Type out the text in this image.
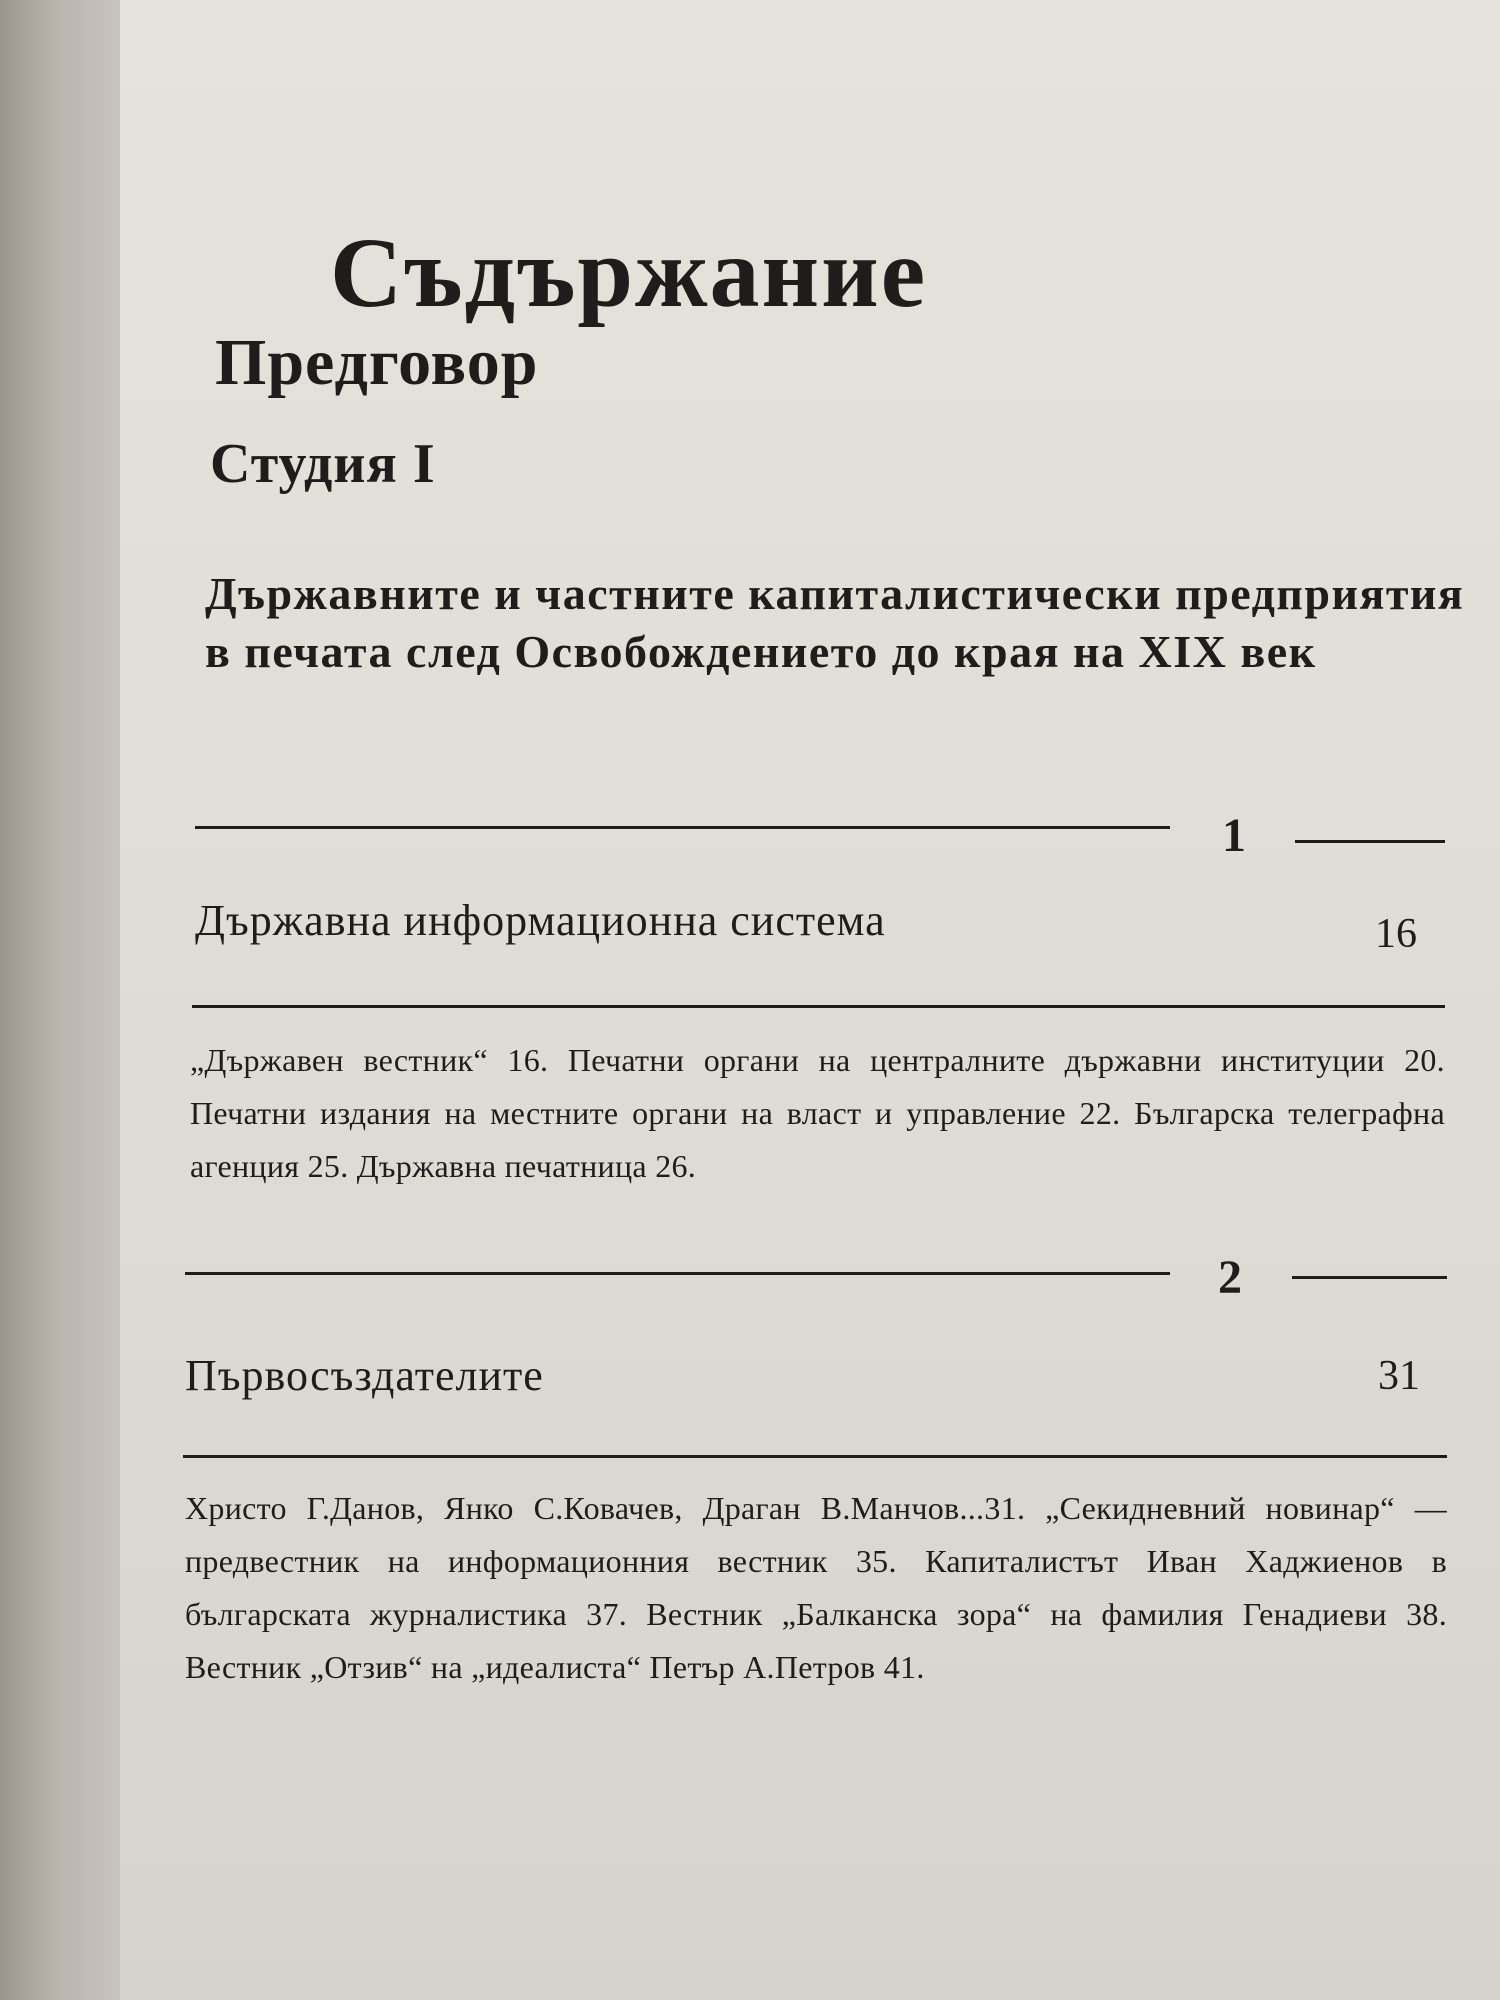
Съдържание
Предговор
Студия I
Държавните и частните капиталистически предприятия в печата след Освобождението до края на XIX век
1
Държавна информационна система	16
„Държавен вестник“ 16. Печатни органи на централните държавни институции 20. Печатни издания на местните органи на власт и управление 22. Българска телеграфна агенция 25. Държавна печатница 26.
2
Първосъздателите	31
Христо Г.Данов, Янко С.Ковачев, Драган В.Манчов...31. „Секидневний новинар“ — предвестник на информационния вестник 35. Капиталистът Иван Хаджиенов в българската журналистика 37. Вестник „Балканска зора“ на фамилия Генадиеви 38. Вестник „Отзив“ на „идеалиста“ Петър А.Петров 41.
